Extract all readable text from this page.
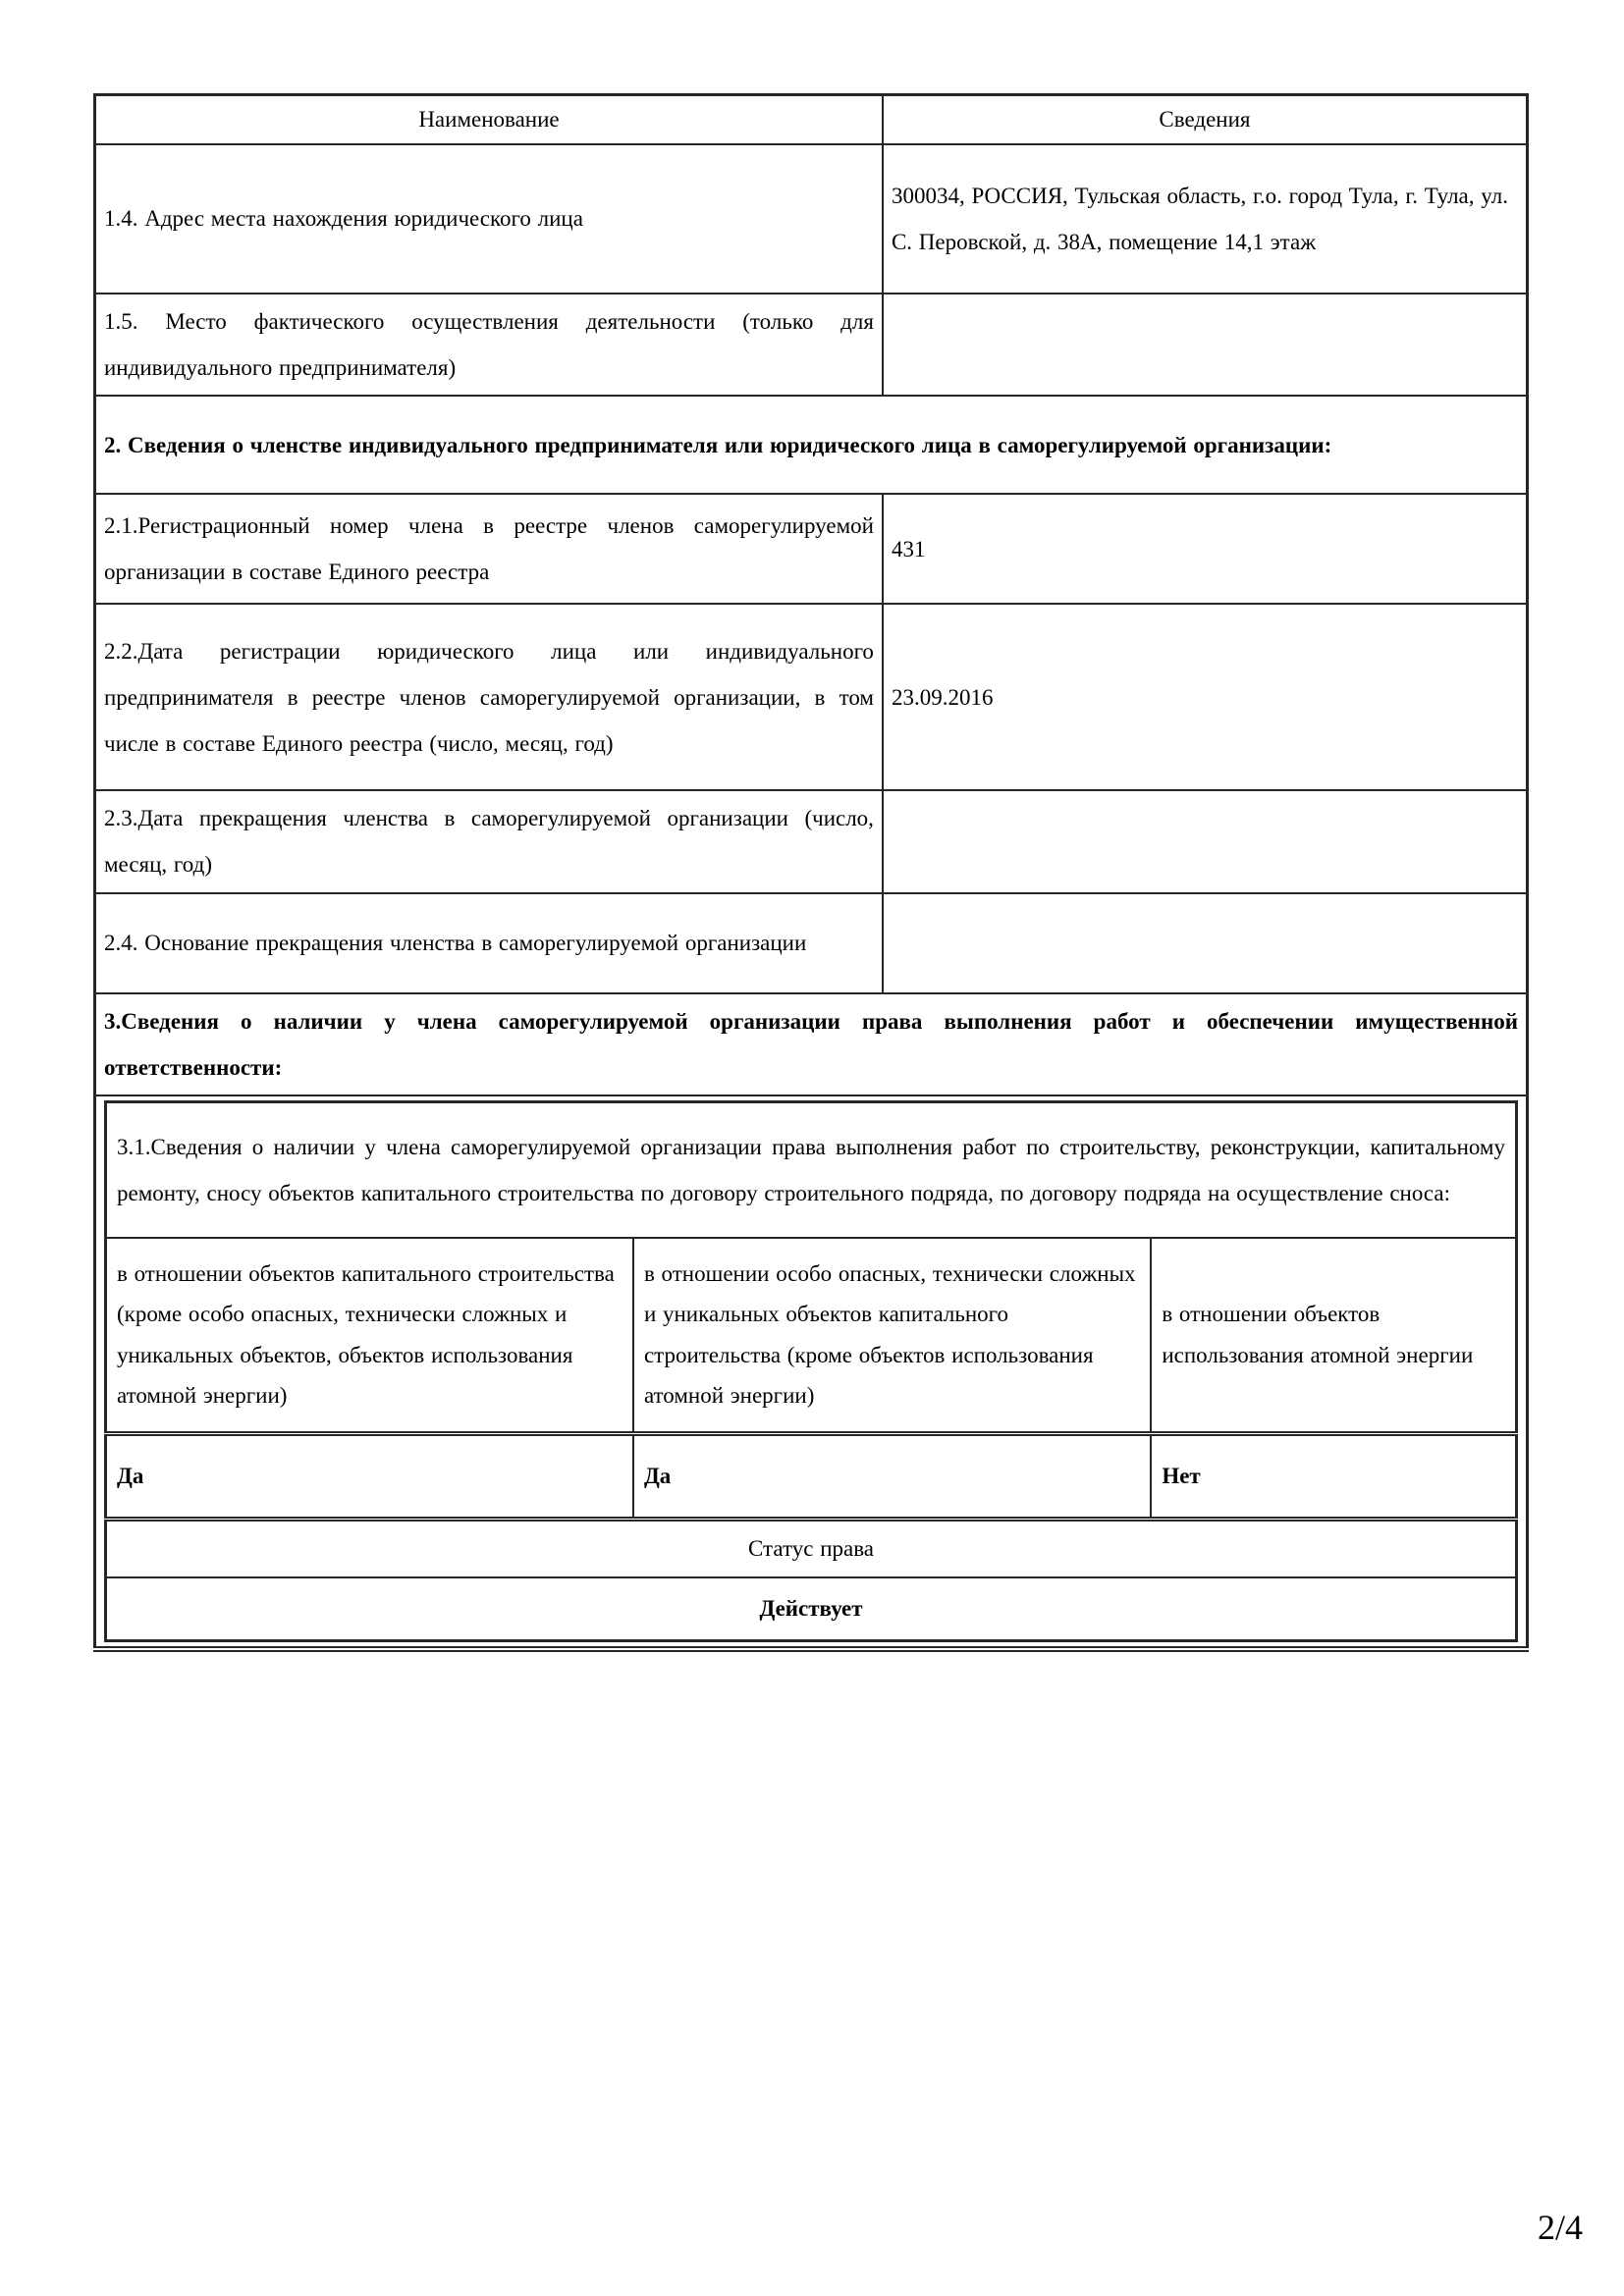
Наименование	Сведения
1.4. Адрес места нахождения юридического лица	300034, РОССИЯ, Тульская область, г.о. город Тула, г. Тула, ул. С. Перовской, д. 38А, помещение 14,1 этаж
1.5. Место фактического осуществления деятельности (только для индивидуального предпринимателя)	
2. Сведения о членстве индивидуального предпринимателя или юридического лица в саморегулируемой организации:
2.1.Регистрационный номер члена в реестре членов саморегулируемой организации в составе Единого реестра	431
2.2.Дата регистрации юридического лица или индивидуального предпринимателя в реестре членов саморегулируемой организации, в том числе в составе Единого реестра (число, месяц, год)	23.09.2016
2.3.Дата прекращения членства в саморегулируемой организации (число, месяц, год)	
2.4. Основание прекращения членства в саморегулируемой организации	
3.Сведения о наличии у члена саморегулируемой организации права выполнения работ и обеспечении имущественной ответственности:

3.1.Сведения о наличии у члена саморегулируемой организации права выполнения работ по строительству, реконструкции, капитальному ремонту, сносу объектов капитального строительства по договору строительного подряда, по договору подряда на осуществление сноса:
в отношении объектов капитального строительства (кроме особо опасных, технически сложных и уникальных объектов, объектов использования атомной энергии)	в отношении особо опасных, технически сложных и уникальных объектов капитального строительства (кроме объектов использования атомной энергии)	в отношении объектов использования атомной энергии
Да	Да	Нет
Статус права
Действует
2/4
